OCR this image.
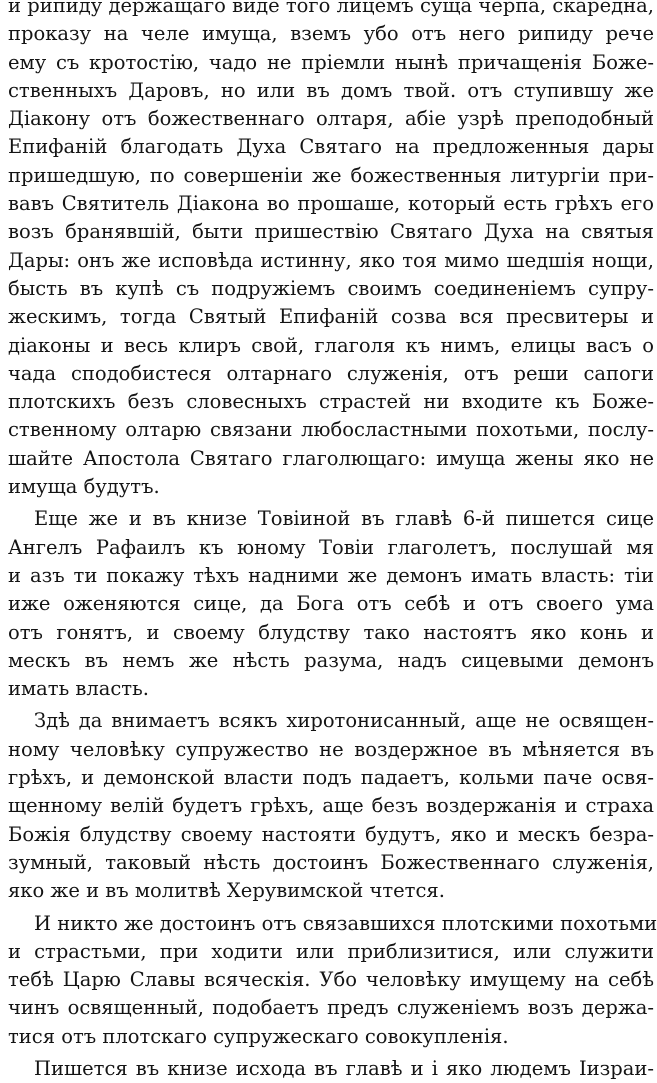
и рипиду держащаго виде того лицемъ суща черпа, скаредна,
проказу на челе имуща, вземъ убо отъ него рипиду рече
ему съ кротостію, чадо не пріемли нынѣ причащенія Боже-
ственныхъ Даровъ, но или въ домъ твой. отъ ступившу же
Діакону отъ божественнаго олтаря, абіе узрѣ преподобный
Епифаній благодать Духа Святаго на предложенныя дары
пришедшую, по совершеніи же божественныя литургіи при-
вавъ Святитель Діакона во прошаше, который есть грѣхъ его
возъ бранявшій, быти пришествію Святаго Духа на святыя
Дары: онъ же исповѣда истинну, яко тоя мимо шедшія нощи,
бысть въ купѣ съ подружіемъ своимъ соединеніемъ супру-
жескимъ, тогда Святый Епифаній созва вся пресвитеры и
діаконы и весь клиръ свой, глаголя къ нимъ, елицы васъ о
чада сподобистеся олтарнаго служенія, отъ реши сапоги
плотскихъ безъ словесныхъ страстей ни входите къ Боже-
ственному олтарю связани любосластными похотьми, послу-
шайте Апостола Святаго глаголющаго: имуща жены яко не
имуща будутъ.
Еще же и въ книзе Товіиной въ главѣ 6-й пишется сице
Ангелъ Рафаилъ къ юному Товіи глаголетъ, послушай мя
и азъ ти покажу тѣхъ надними же демонъ имать власть: тіи
иже оженяются сице, да Бога отъ себѣ и отъ своего ума
отъ гонятъ, и своему блудству тако настоятъ яко конь и
мескъ въ немъ же нѣсть разума, надъ сицевыми демонъ
имать власть.
Здѣ да внимаетъ всякъ хиротонисанный, аще не освящен-
ному человѣку супружество не воздержное въ мѣняется въ
грѣхъ, и демонской власти подъ падаетъ, кольми паче освя-
щенному велій будетъ грѣхъ, аще безъ воздержанія и страха
Божія блудству своему настояти будутъ, яко и мескъ безра-
зумный, таковый нѣсть достоинъ Божественнаго служенія,
яко же и въ молитвѣ Херувимской чтется.
И никто же достоинъ отъ связавшихся плотскими похотьми
и страстьми, при ходити или приблизитися, или служити
тебѣ Царю Славы всяческія. Убо человѣку имущему на себѣ
чинъ освященный, подобаетъ предъ служеніемъ возъ держа-
тися отъ плотскаго супружескаго совокупленія.
Пишется въ книзе исхода въ главѣ и і яко людемъ Іизраи-
